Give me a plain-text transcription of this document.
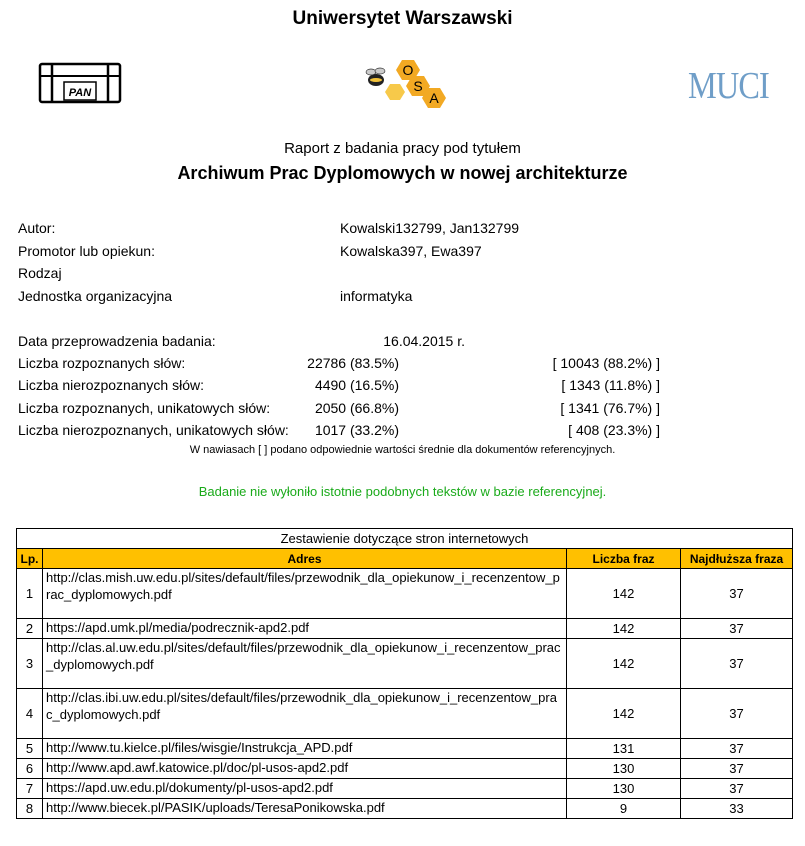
Uniwersytet Warszawski
PAN
O
S
A	MUCI
Raport z badania pracy pod tytułem
Archiwum Prac Dyplomowych w nowej architekturze
Autor:	Kowalski132799, Jan132799
Promotor lub opiekun:	Kowalska397, Ewa397
Rodzaj
Jednostka organizacyjna	informatyka
Data przeprowadzenia badania:	16.04.2015 r.
Liczba rozpoznanych słów:	22786 (83.5%)	[ 10043 (88.2%) ]
Liczba nierozpoznanych słów:	4490 (16.5%)	[ 1343 (11.8%) ]
Liczba rozpoznanych, unikatowych słów:	2050 (66.8%)	[ 1341 (76.7%) ]
Liczba nierozpoznanych, unikatowych słów: 1017 (33.2%)	[ 408 (23.3%) ]
W nawiasach [ ] podano odpowiednie wartości średnie dla dokumentów referencyjnych.
Badanie nie wyłoniło istotnie podobnych tekstów w bazie referencyjnej.
Zestawienie dotyczące stron internetowych
Lp.	Adres	Liczba fraz	Najdłuższa fraza
1	http://clas.mish.uw.edu.pl/sites/default/files/przewodnik_dla_opiekunow_i_recenzentow_prac_dyplomowych.pdf	142	37
2	https://apd.umk.pl/media/podrecznik-apd2.pdf	142	37
3	http://clas.al.uw.edu.pl/sites/default/files/przewodnik_dla_opiekunow_i_recenzentow_prac_dyplomowych.pdf	142	37
4	http://clas.ibi.uw.edu.pl/sites/default/files/przewodnik_dla_opiekunow_i_recenzentow_prac_dyplomowych.pdf	142	37
5	http://www.tu.kielce.pl/files/wisgie/Instrukcja_APD.pdf	131	37
6	http://www.apd.awf.katowice.pl/doc/pl-usos-apd2.pdf	130	37
7	https://apd.uw.edu.pl/dokumenty/pl-usos-apd2.pdf	130	37
8	http://www.biecek.pl/PASIK/uploads/TeresaPonikowska.pdf	9	33
